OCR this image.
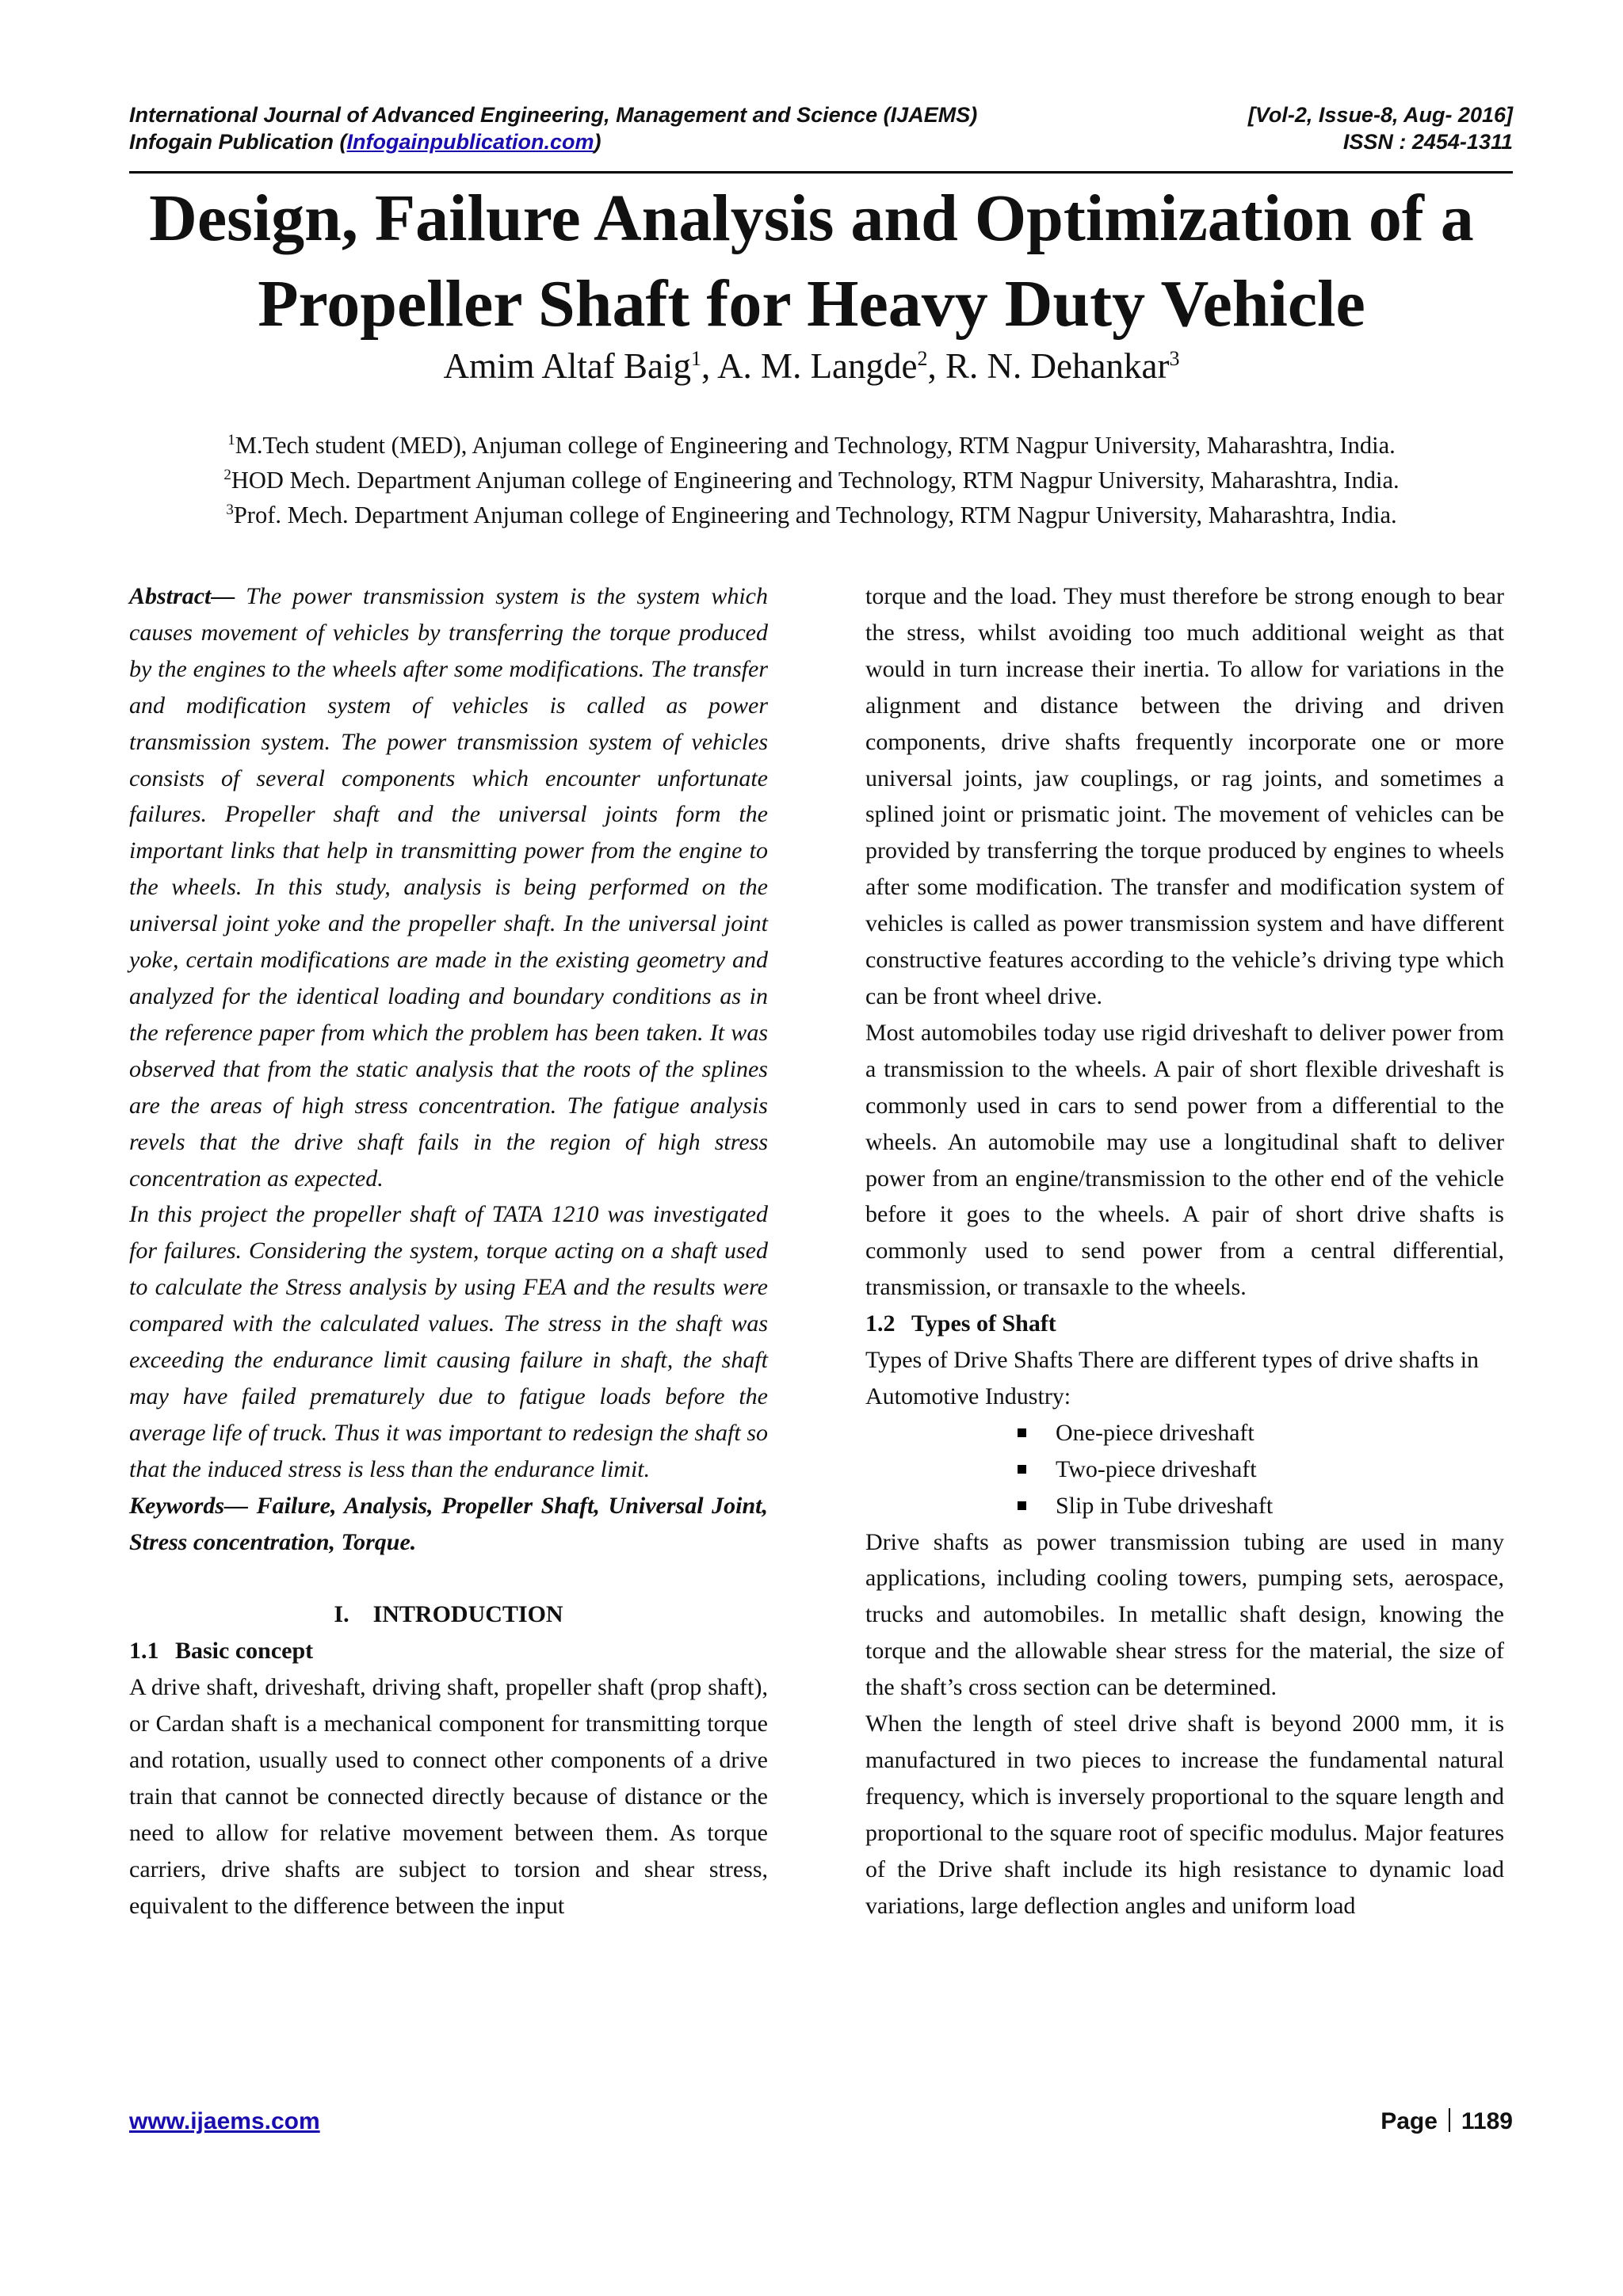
International Journal of Advanced Engineering, Management and Science (IJAEMS)	[Vol-2, Issue-8, Aug- 2016]
Infogain Publication (Infogainpublication.com)	ISSN : 2454-1311
Design, Failure Analysis and Optimization of a
Propeller Shaft for Heavy Duty Vehicle
Amim Altaf Baig$^1$, A. M. Langde$^2$, R. N. Dehankar$^3$
$^1$M.Tech student (MED), Anjuman college of Engineering and Technology, RTM Nagpur University, Maharashtra, India.
$^2$HOD Mech. Department Anjuman college of Engineering and Technology, RTM Nagpur University, Maharashtra, India.
$^3$Prof. Mech. Department Anjuman college of Engineering and Technology, RTM Nagpur University, Maharashtra, India.

Abstract— The power transmission system is the system which causes movement of vehicles by transferring the torque produced by the engines to the wheels after some modifications. The transfer and modification system of vehicles is called as power transmission system. The power transmission system of vehicles consists of several components which encounter unfortunate failures. Propeller shaft and the universal joints form the important links that help in transmitting power from the engine to the wheels. In this study, analysis is being performed on the universal joint yoke and the propeller shaft. In the universal joint yoke, certain modifications are made in the existing geometry and analyzed for the identical loading and boundary conditions as in the reference paper from which the problem has been taken. It was observed that from the static analysis that the roots of the splines are the areas of high stress concentration. The fatigue analysis revels that the drive shaft fails in the region of high stress concentration as expected.

In this project the propeller shaft of TATA 1210 was investigated for failures. Considering the system, torque acting on a shaft used to calculate the Stress analysis by using FEA and the results were compared with the calculated values. The stress in the shaft was exceeding the endurance limit causing failure in shaft, the shaft may have failed prematurely due to fatigue loads before the average life of truck. Thus it was important to redesign the shaft so that the induced stress is less than the endurance limit.

Keywords— Failure, Analysis, Propeller Shaft, Universal Joint, Stress concentration, Torque.

I.    INTRODUCTION

1.1 Basic concept

A drive shaft, driveshaft, driving shaft, propeller shaft (prop shaft), or Cardan shaft is a mechanical component for transmitting torque and rotation, usually used to connect other components of a drive train that cannot be connected directly because of distance or the need to allow for relative movement between them. As torque carriers, drive shafts are subject to torsion and shear stress, equivalent to the difference between the input

torque and the load. They must therefore be strong enough to bear the stress, whilst avoiding too much additional weight as that would in turn increase their inertia. To allow for variations in the alignment and distance between the driving and driven components, drive shafts frequently incorporate one or more universal joints, jaw couplings, or rag joints, and sometimes a splined joint or prismatic joint. The movement of vehicles can be provided by transferring the torque produced by engines to wheels after some modification. The transfer and modification system of vehicles is called as power transmission system and have different constructive features according to the vehicle’s driving type which can be front wheel drive.

Most automobiles today use rigid driveshaft to deliver power from a transmission to the wheels. A pair of short flexible driveshaft is commonly used in cars to send power from a differential to the wheels. An automobile may use a longitudinal shaft to deliver power from an engine/transmission to the other end of the vehicle before it goes to the wheels. A pair of short drive shafts is commonly used to send power from a central differential, transmission, or transaxle to the wheels.

1.2 Types of Shaft

Types of Drive Shafts There are different types of drive shafts in Automotive Industry:

One-piece driveshaft
Two-piece driveshaft
Slip in Tube driveshaft

Drive shafts as power transmission tubing are used in many applications, including cooling towers, pumping sets, aerospace, trucks and automobiles. In metallic shaft design, knowing the torque and the allowable shear stress for the material, the size of the shaft’s cross section can be determined.

When the length of steel drive shaft is beyond 2000 mm, it is manufactured in two pieces to increase the fundamental natural frequency, which is inversely proportional to the square length and proportional to the square root of specific modulus. Major features of the Drive shaft include its high resistance to dynamic load variations, large deflection angles and uniform load

www.ijaems.com	Page 1189
